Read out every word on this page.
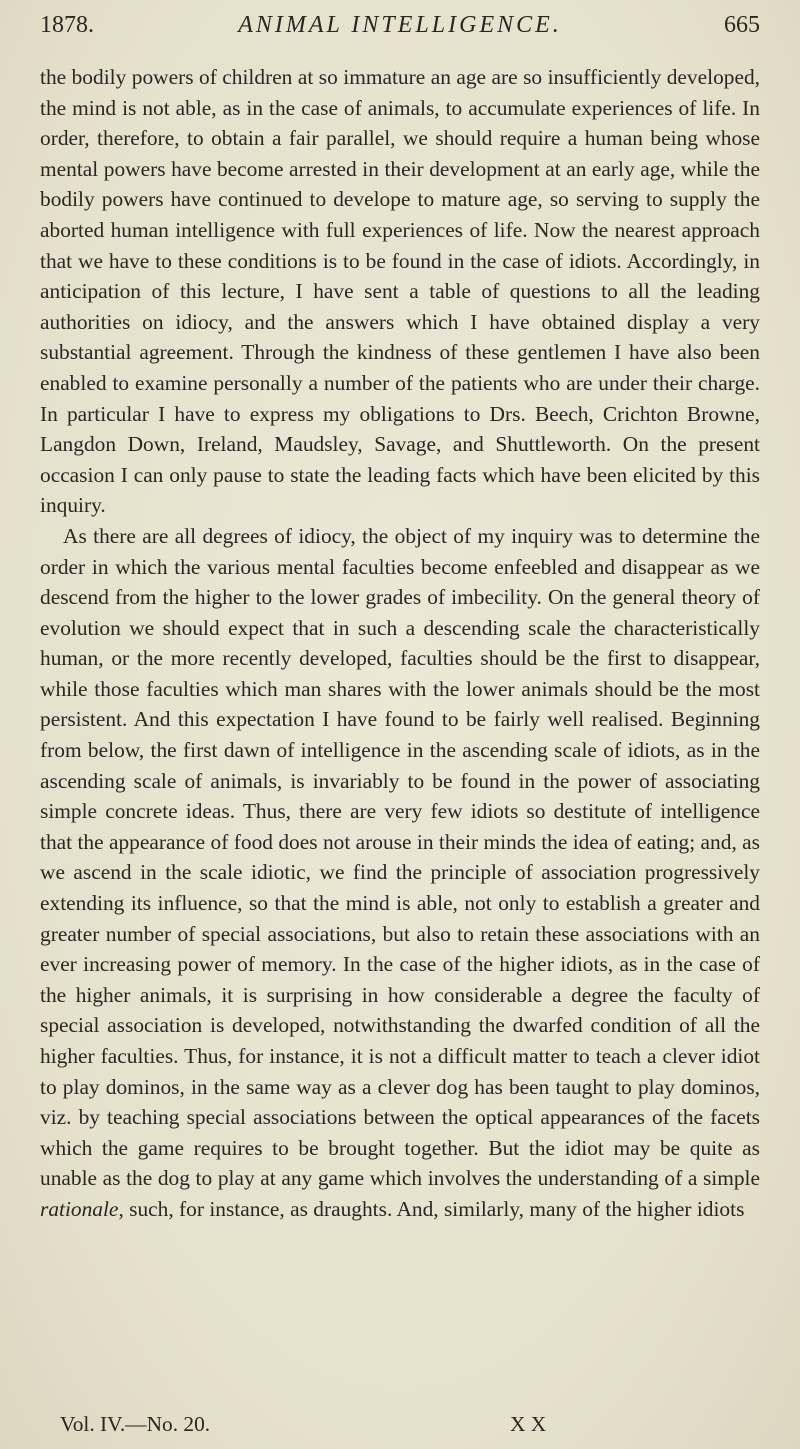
1878.	ANIMAL INTELLIGENCE.	665

the bodily powers of children at so immature an age are so insufficiently developed, the mind is not able, as in the case of animals, to accumulate experiences of life. In order, therefore, to obtain a fair parallel, we should require a human being whose mental powers have become arrested in their development at an early age, while the bodily powers have continued to develope to mature age, so serving to supply the aborted human intelligence with full experiences of life. Now the nearest approach that we have to these conditions is to be found in the case of idiots. Accordingly, in anticipation of this lecture, I have sent a table of questions to all the leading authorities on idiocy, and the answers which I have obtained display a very substantial agreement. Through the kindness of these gentlemen I have also been enabled to examine personally a number of the patients who are under their charge. In particular I have to express my obligations to Drs. Beech, Crichton Browne, Langdon Down, Ireland, Maudsley, Savage, and Shuttleworth. On the present occasion I can only pause to state the leading facts which have been elicited by this inquiry.

As there are all degrees of idiocy, the object of my inquiry was to determine the order in which the various mental faculties become enfeebled and disappear as we descend from the higher to the lower grades of imbecility. On the general theory of evolution we should expect that in such a descending scale the characteristically human, or the more recently developed, faculties should be the first to disappear, while those faculties which man shares with the lower animals should be the most persistent. And this expectation I have found to be fairly well realised. Beginning from below, the first dawn of intelligence in the ascending scale of idiots, as in the ascending scale of animals, is invariably to be found in the power of associating simple concrete ideas. Thus, there are very few idiots so destitute of intelligence that the appearance of food does not arouse in their minds the idea of eating; and, as we ascend in the scale idiotic, we find the principle of association progressively extending its influence, so that the mind is able, not only to establish a greater and greater number of special associations, but also to retain these associations with an ever increasing power of memory. In the case of the higher idiots, as in the case of the higher animals, it is surprising in how considerable a degree the faculty of special association is developed, notwithstanding the dwarfed condition of all the higher faculties. Thus, for instance, it is not a difficult matter to teach a clever idiot to play dominos, in the same way as a clever dog has been taught to play dominos, viz. by teaching special associations between the optical appearances of the facets which the game requires to be brought together. But the idiot may be quite as unable as the dog to play at any game which involves the understanding of a simple rationale, such, for instance, as draughts. And, similarly, many of the higher idiots

Vol. IV.—No. 20.	X X
